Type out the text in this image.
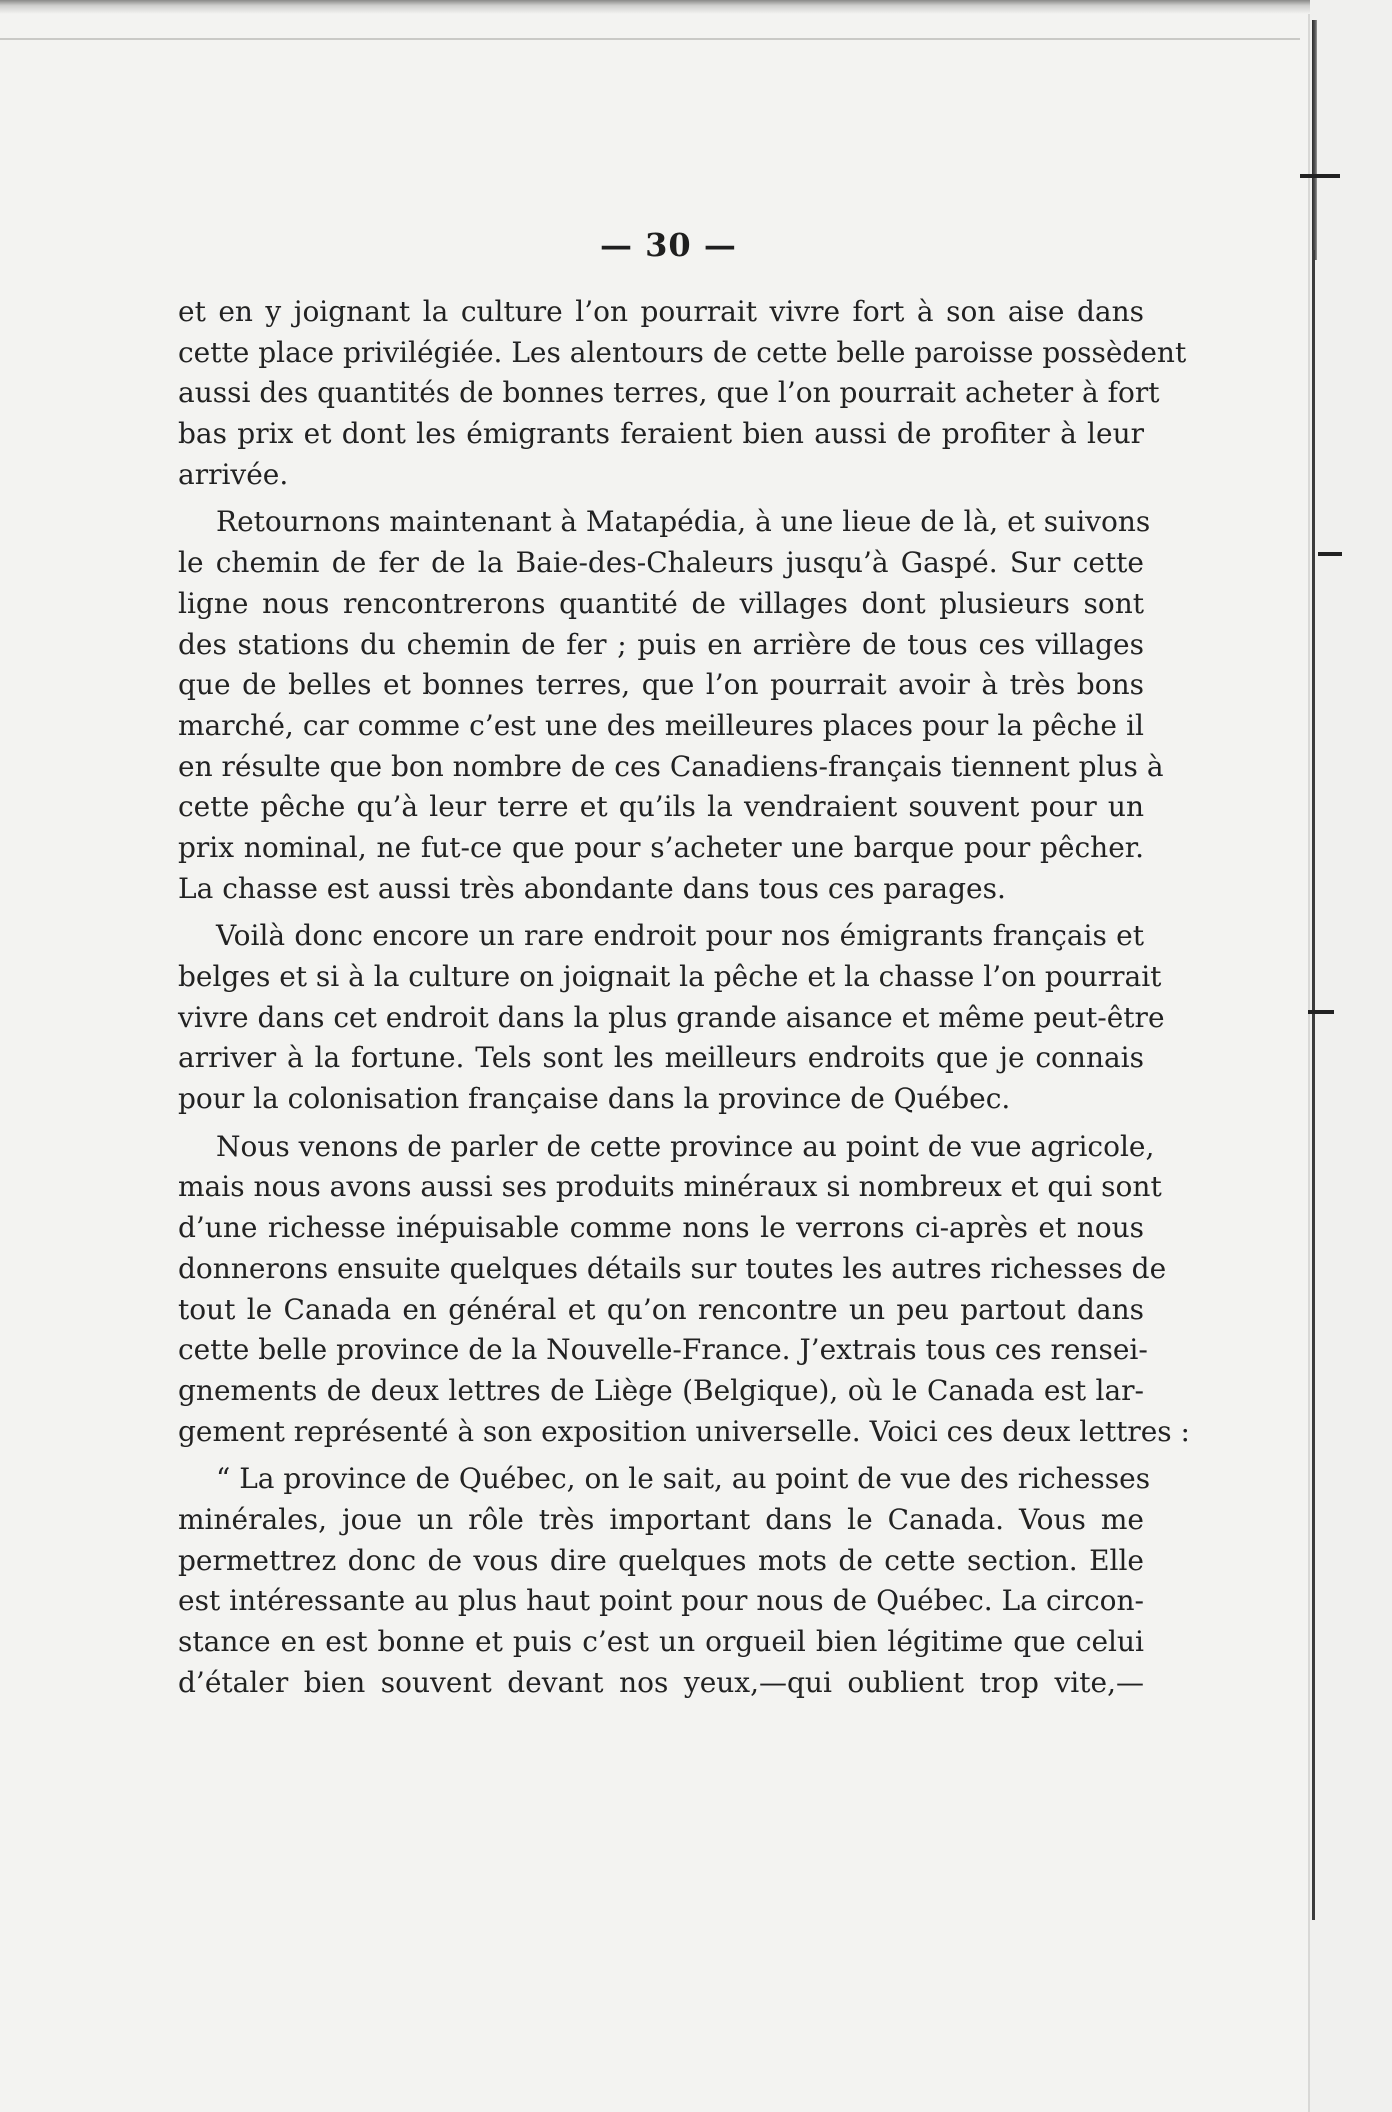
— 30 —
et en y joignant la culture l’on pourrait vivre fort à son aise dans
cette place privilégiée. Les alentours de cette belle paroisse possèdent
aussi des quantités de bonnes terres, que l’on pourrait acheter à fort
bas prix et dont les émigrants feraient bien aussi de profiter à leur
arrivée.
Retournons maintenant à Matapédia, à une lieue de là, et suivons
le chemin de fer de la Baie-des-Chaleurs jusqu’à Gaspé. Sur cette
ligne nous rencontrerons quantité de villages dont plusieurs sont
des stations du chemin de fer ; puis en arrière de tous ces villages
que de belles et bonnes terres, que l’on pourrait avoir à très bons
marché, car comme c’est une des meilleures places pour la pêche il
en résulte que bon nombre de ces Canadiens-français tiennent plus à
cette pêche qu’à leur terre et qu’ils la vendraient souvent pour un
prix nominal, ne fut-ce que pour s’acheter une barque pour pêcher.
La chasse est aussi très abondante dans tous ces parages.
Voilà donc encore un rare endroit pour nos émigrants français et
belges et si à la culture on joignait la pêche et la chasse l’on pourrait
vivre dans cet endroit dans la plus grande aisance et même peut-être
arriver à la fortune. Tels sont les meilleurs endroits que je connais
pour la colonisation française dans la province de Québec.
Nous venons de parler de cette province au point de vue agricole,
mais nous avons aussi ses produits minéraux si nombreux et qui sont
d’une richesse inépuisable comme nons le verrons ci-après et nous
donnerons ensuite quelques détails sur toutes les autres richesses de
tout le Canada en général et qu’on rencontre un peu partout dans
cette belle province de la Nouvelle-France. J’extrais tous ces rensei-
gnements de deux lettres de Liège (Belgique), où le Canada est lar-
gement représenté à son exposition universelle. Voici ces deux lettres :
“ La province de Québec, on le sait, au point de vue des richesses
minérales, joue un rôle très important dans le Canada. Vous me
permettrez donc de vous dire quelques mots de cette section. Elle
est intéressante au plus haut point pour nous de Québec. La circon-
stance en est bonne et puis c’est un orgueil bien légitime que celui
d’étaler bien souvent devant nos yeux,—qui oublient trop vite,—
